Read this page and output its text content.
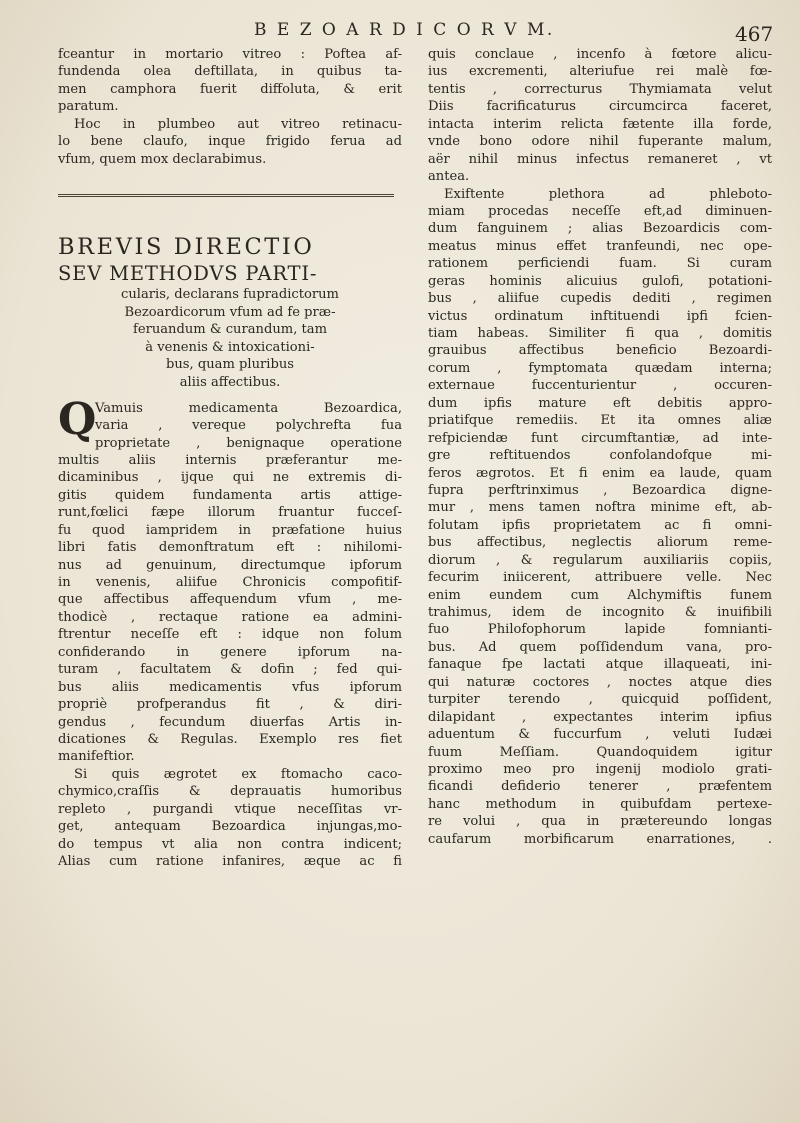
B E Z O A R D I C O R V M.	467
fceantur in mortario vitreo : Poftea af-
fundenda olea deftillata, in quibus ta-
men camphora fuerit diffoluta, & erit
paratum.
Hoc in plumbeo aut vitreo retinacu-
lo bene claufo, inque frigido ferua ad
vfum, quem mox declarabimus.
BREVIS DIRECTIO
SEV METHODVS PARTI-
cularis, declarans fupradictorum
Bezoardicorum vfum ad fe præ-
feruandum & curandum, tam
à venenis & intoxicationi-
bus, quam pluribus
aliis affectibus.
Q
Vamuis medicamenta Bezoardica,
varia , vereque polychrefta fua
proprietate , benignaque operatione
multis aliis internis præferantur me-
dicaminibus , ijque qui ne extremis di-
gitis quidem fundamenta artis attige-
runt,fœlici fæpe illorum fruantur fucceſ-
fu quod iampridem in præfatione huius
libri fatis demonftratum eft : nihilomi-
nus ad genuinum, directumque ipforum
in venenis, aliifue Chronicis compofitif-
que affectibus affequendum vfum , me-
thodicè , rectaque ratione ea admini-
ftrentur neceſſe eft : idque non folum
confiderando in genere ipforum na-
turam , facultatem & dofin ; fed qui-
bus aliis medicamentis vfus ipforum
propriè profperandus fit , & diri-
gendus , fecundum diuerfas Artis in-
dicationes & Regulas. Exemplo res fiet
manifeftior.
Si quis ægrotet ex ftomacho caco-
chymico,craſſis & deprauatis humoribus
repleto , purgandi vtique neceſſitas vr-
get, antequam Bezoardica injungas,mo-
do tempus vt alia non contra indicent;
Alias cum ratione infanires, æque ac fi
quis conclaue , incenfo à fœtore alicu-
ius excrementi, alteriufue rei malè fœ-
tentis , correcturus Thymiamata velut
Diis facrificaturus circumcirca faceret,
intacta interim relicta fætente illa forde,
vnde bono odore nihil fuperante malum,
aër nihil minus infectus remaneret , vt
antea.
Exiftente plethora ad phleboto-
miam procedas neceſſe eft,ad diminuen-
dum fanguinem ; alias Bezoardicis com-
meatus minus effet tranfeundi, nec ope-
rationem perficiendi fuam. Si curam
geras hominis alicuius gulofi, potationi-
bus , aliifue cupedis dediti , regimen
victus ordinatum inftituendi ipfi fcien-
tiam habeas. Similiter fi qua , domitis
grauibus affectibus beneficio Bezoardi-
corum , fymptomata quædam interna;
externaue fuccenturientur , occuren-
dum ipfis mature eft debitis appro-
priatifque remediis. Et ita omnes aliæ
refpiciendæ funt circumftantiæ, ad inte-
gre reftituendos confolandofque mi-
feros ægrotos. Et fi enim ea laude, quam
fupra perftrinximus , Bezoardica digne-
mur , mens tamen noftra minime eft, ab-
folutam ipfis proprietatem ac fi omni-
bus affectibus, neglectis aliorum reme-
diorum , & regularum auxiliariis copiis,
fecurim iniicerent, attribuere velle. Nec
enim eundem cum Alchymiftis funem
trahimus, idem de incognito & inuifibili
fuo Philofophorum lapide fomnianti-
bus. Ad quem poſſidendum vana, pro-
fanaque fpe lactati atque illaqueati, ini-
qui naturæ coctores , noctes atque dies
turpiter terendo , quicquid poſſident,
dilapidant , expectantes interim ipfius
aduentum & fuccurfum , veluti Iudæi
fuum Meſſiam. Quandoquidem igitur
proximo meo pro ingenij modiolo grati-
ficandi defiderio tenerer , præfentem
hanc methodum in quibufdam pertexe-
re volui , qua in prætereundo longas
caufarum morbificarum enarrationes, .
